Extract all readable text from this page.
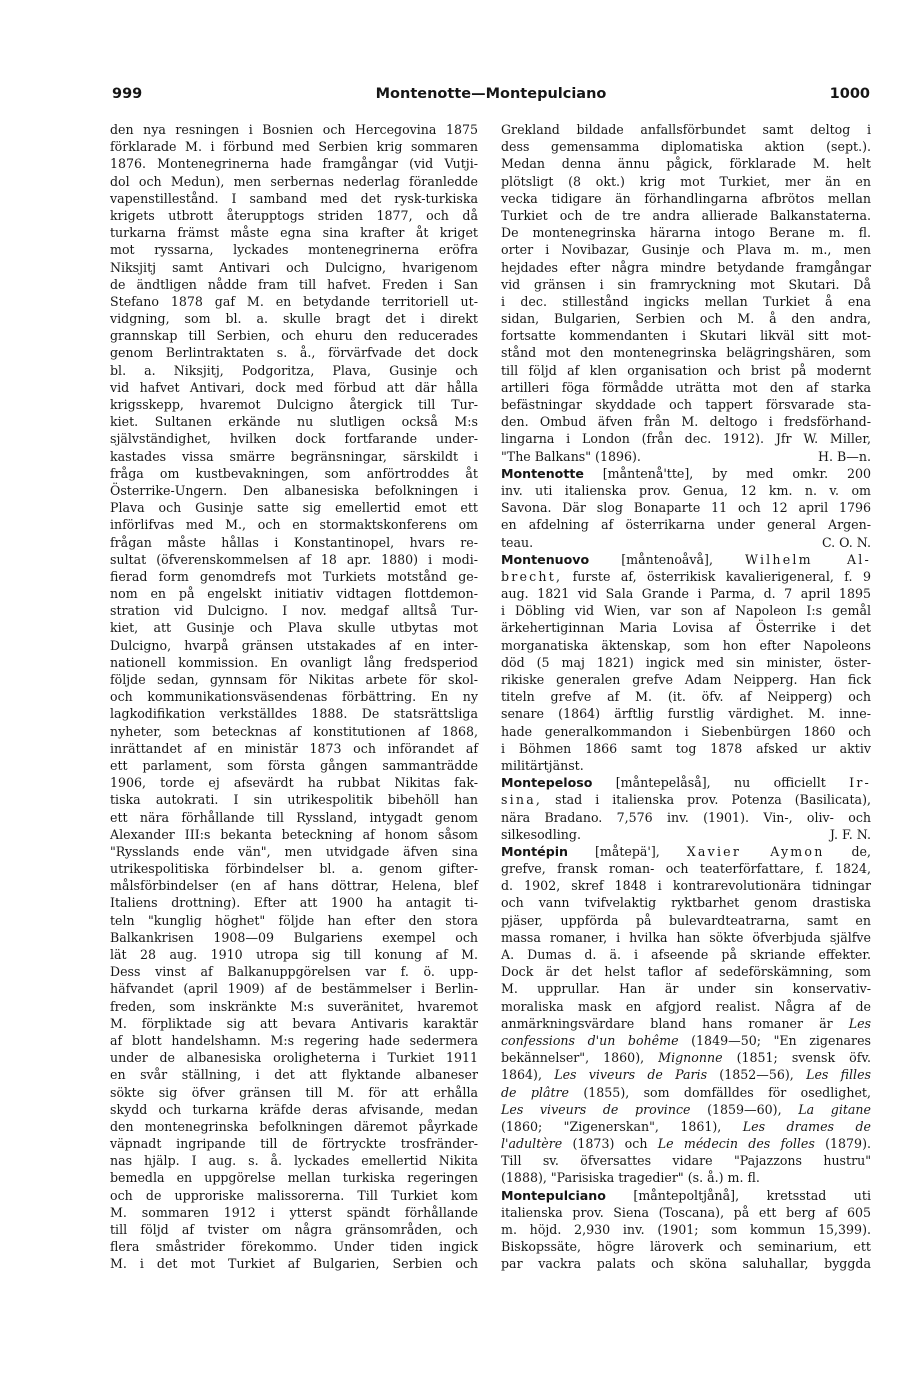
999	Montenotte—Montepulciano	1000
den nya resningen i Bosnien och Hercegovina 1875
förklarade M. i förbund med Serbien krig sommaren
1876. Montenegrinerna hade framgångar (vid Vutji-
dol och Medun), men serbernas nederlag föranledde
vapenstillestånd. I samband med det rysk-turkiska
krigets utbrott återupptogs striden 1877, och då
turkarna främst måste egna sina krafter åt kriget
mot ryssarna, lyckades montenegrinerna eröfra
Niksjitj samt Antivari och Dulcigno, hvarigenom
de ändtligen nådde fram till hafvet. Freden i San
Stefano 1878 gaf M. en betydande territoriell ut-
vidgning, som bl. a. skulle bragt det i direkt
grannskap till Serbien, och ehuru den reducerades
genom Berlintraktaten s. å., förvärfvade det dock
bl. a. Niksjitj, Podgoritza, Plava, Gusinje och
vid hafvet Antivari, dock med förbud att där hålla
krigsskepp, hvaremot Dulcigno återgick till Tur-
kiet. Sultanen erkände nu slutligen också M:s
självständighet, hvilken dock fortfarande under-
kastades vissa smärre begränsningar, särskildt i
fråga om kustbevakningen, som anförtroddes åt
Österrike-Ungern. Den albanesiska befolkningen i
Plava och Gusinje satte sig emellertid emot ett
införlifvas med M., och en stormaktskonferens om
frågan måste hållas i Konstantinopel, hvars re-
sultat (öfverenskommelsen af 18 apr. 1880) i modi-
fierad form genomdrefs mot Turkiets motstånd ge-
nom en på engelskt initiativ vidtagen flottdemon-
stration vid Dulcigno. I nov. medgaf alltså Tur-
kiet, att Gusinje och Plava skulle utbytas mot
Dulcigno, hvarpå gränsen utstakades af en inter-
nationell kommission. En ovanligt lång fredsperiod
följde sedan, gynnsam för Nikitas arbete för skol-
och kommunikationsväsendenas förbättring. En ny
lagkodifikation verkställdes 1888. De statsrättsliga
nyheter, som betecknas af konstitutionen af 1868,
inrättandet af en ministär 1873 och införandet af
ett parlament, som första gången sammanträdde
1906, torde ej afsevärdt ha rubbat Nikitas fak-
tiska autokrati. I sin utrikespolitik bibehöll han
ett nära förhållande till Ryssland, intygadt genom
Alexander III:s bekanta beteckning af honom såsom
"Rysslands ende vän", men utvidgade äfven sina
utrikespolitiska förbindelser bl. a. genom gifter-
målsförbindelser (en af hans döttrar, Helena, blef
Italiens drottning). Efter att 1900 ha antagit ti-
teln "kunglig höghet" följde han efter den stora
Balkankrisen 1908—09 Bulgariens exempel och
lät 28 aug. 1910 utropa sig till konung af M.
Dess vinst af Balkanuppgörelsen var f. ö. upp-
häfvandet (april 1909) af de bestämmelser i Berlin-
freden, som inskränkte M:s suveränitet, hvaremot
M. förpliktade sig att bevara Antivaris karaktär
af blott handelshamn. M:s regering hade sedermera
under de albanesiska oroligheterna i Turkiet 1911
en svår ställning, i det att flyktande albaneser
sökte sig öfver gränsen till M. för att erhålla
skydd och turkarna kräfde deras afvisande, medan
den montenegrinska befolkningen däremot påyrkade
väpnadt ingripande till de förtryckte trosfränder-
nas hjälp. I aug. s. å. lyckades emellertid Nikita
bemedla en uppgörelse mellan turkiska regeringen
och de upproriske malissorerna. Till Turkiet kom
M. sommaren 1912 i ytterst spändt förhållande
till följd af tvister om några gränsområden, och
flera småstrider förekommo. Under tiden ingick
M. i det mot Turkiet af Bulgarien, Serbien och
Grekland bildade anfallsförbundet samt deltog i
dess gemensamma diplomatiska aktion (sept.).
Medan denna ännu pågick, förklarade M. helt
plötsligt (8 okt.) krig mot Turkiet, mer än en
vecka tidigare än förhandlingarna afbrötos mellan
Turkiet och de tre andra allierade Balkanstaterna.
De montenegrinska härarna intogo Berane m. fl.
orter i Novibazar, Gusinje och Plava m. m., men
hejdades efter några mindre betydande framgångar
vid gränsen i sin framryckning mot Skutari. Då
i dec. stillestånd ingicks mellan Turkiet å ena
sidan, Bulgarien, Serbien och M. å den andra,
fortsatte kommendanten i Skutari likväl sitt mot-
stånd mot den montenegrinska belägringshären, som
till följd af klen organisation och brist på modernt
artilleri föga förmådde uträtta mot den af starka
befästningar skyddade och tappert försvarade sta-
den. Ombud äfven från M. deltogo i fredsförhand-
lingarna i London (från dec. 1912). Jfr W. Miller,
"The Balkans" (1896).	H. B—n.
Montenotte [måntenå'tte], by med omkr. 200
inv. uti italienska prov. Genua, 12 km. n. v. om
Savona. Där slog Bonaparte 11 och 12 april 1796
en afdelning af österrikarna under general Argen-
teau.	C. O. N.
Montenuovo [måntenoåvå], Wilhelm Al-
brecht, furste af, österrikisk kavalierigeneral, f. 9
aug. 1821 vid Sala Grande i Parma, d. 7 april 1895
i Döbling vid Wien, var son af Napoleon I:s gemål
ärkehertiginnan Maria Lovisa af Österrike i det
morganatiska äktenskap, som hon efter Napoleons
död (5 maj 1821) ingick med sin minister, öster-
rikiske generalen grefve Adam Neipperg. Han fick
titeln grefve af M. (it. öfv. af Neipperg) och
senare (1864) ärftlig furstlig värdighet. M. inne-
hade generalkommandon i Siebenbürgen 1860 och
i Böhmen 1866 samt tog 1878 afsked ur aktiv
militärtjänst.
Montepeloso [måntepelåså], nu officiellt Ir-
sina, stad i italienska prov. Potenza (Basilicata),
nära Bradano. 7,576 inv. (1901). Vin-, oliv- och
silkesodling.	J. F. N.
Montépin [måtepä'], Xavier Aymon de,
grefve, fransk roman- och teaterförfattare, f. 1824,
d. 1902, skref 1848 i kontrarevolutionära tidningar
och vann tvifvelaktig ryktbarhet genom drastiska
pjäser, uppförda på bulevardteatrarna, samt en
massa romaner, i hvilka han sökte öfverbjuda själfve
A. Dumas d. ä. i afseende på skriande effekter.
Dock är det helst taflor af sedeförskämning, som
M. upprullar. Han är under sin konservativ-
moraliska mask en afgjord realist. Några af de
anmärkningsvärdare bland hans romaner är Les
confessions d'un bohême (1849—50; "En zigenares
bekännelser", 1860), Mignonne (1851; svensk öfv.
1864), Les viveurs de Paris (1852—56), Les filles
de plâtre (1855), som domfälldes för osedlighet,
Les viveurs de province (1859—60), La gitane
(1860; "Zigenerskan", 1861), Les drames de
l'adultère (1873) och Le médecin des folles (1879).
Till sv. öfversattes vidare "Pajazzons hustru"
(1888), "Parisiska tragedier" (s. å.) m. fl.
Montepulciano [måntepoltjånå], kretsstad uti
italienska prov. Siena (Toscana), på ett berg af 605
m. höjd. 2,930 inv. (1901; som kommun 15,399).
Biskopssäte, högre läroverk och seminarium, ett
par vackra palats och sköna saluhallar, byggda
